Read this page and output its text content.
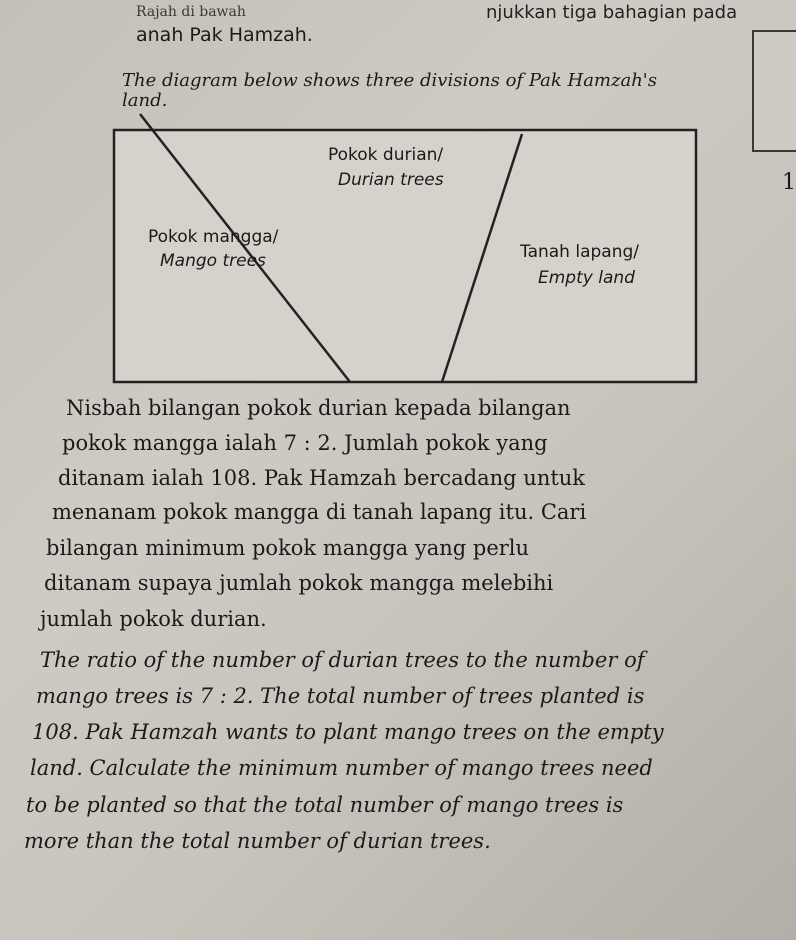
1
Rajah di bawah	njukkan tiga bahagian pada
anah Pak Hamzah.
The diagram below shows three divisions of Pak Hamzah's
land.
Pokok durian/
Durian trees
Pokok mangga/
Mango trees	Tanah lapang/
Empty land
Nisbah bilangan pokok durian kepada bilangan
pokok mangga ialah 7 : 2. Jumlah pokok yang
ditanam ialah 108. Pak Hamzah bercadang untuk
menanam pokok mangga di tanah lapang itu. Cari
bilangan minimum pokok mangga yang perlu
ditanam supaya jumlah pokok mangga melebihi
jumlah pokok durian.
The ratio of the number of durian trees to the number of
mango trees is 7 : 2. The total number of trees planted is
108. Pak Hamzah wants to plant mango trees on the empty
land. Calculate the minimum number of mango trees need
to be planted so that the total number of mango trees is
more than the total number of durian trees.
